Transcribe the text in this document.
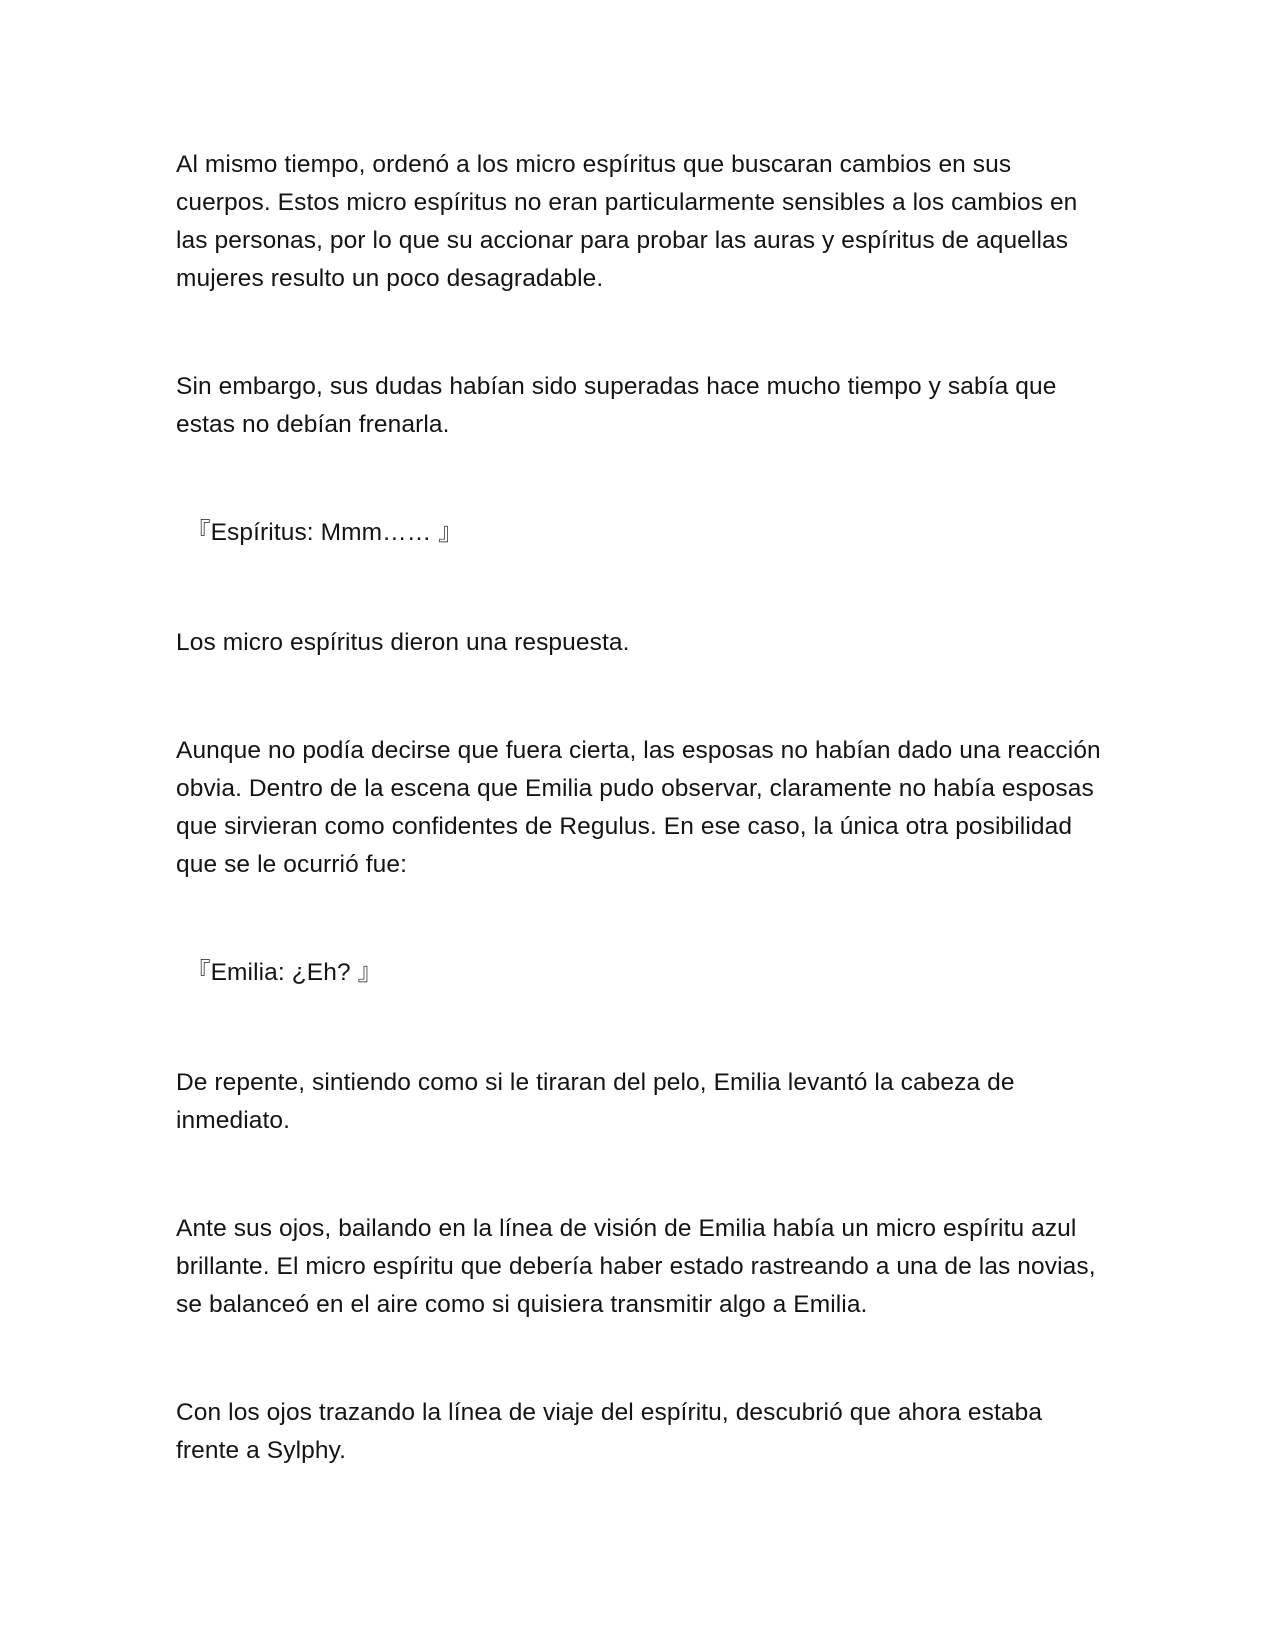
Al mismo tiempo, ordenó a los micro espíritus que buscaran cambios en sus cuerpos. Estos micro espíritus no eran particularmente sensibles a los cambios en las personas, por lo que su accionar para probar las auras y espíritus de aquellas mujeres resulto un poco desagradable.

Sin embargo, sus dudas habían sido superadas hace mucho tiempo y sabía que estas no debían frenarla.

『Espíritus: Mmm…… 』

Los micro espíritus dieron una respuesta.

Aunque no podía decirse que fuera cierta, las esposas no habían dado una reacción obvia. Dentro de la escena que Emilia pudo observar, claramente no había esposas que sirvieran como confidentes de Regulus. En ese caso, la única otra posibilidad que se le ocurrió fue:

『Emilia: ¿Eh? 』

De repente, sintiendo como si le tiraran del pelo, Emilia levantó la cabeza de inmediato.

Ante sus ojos, bailando en la línea de visión de Emilia había un micro espíritu azul brillante. El micro espíritu que debería haber estado rastreando a una de las novias, se balanceó en el aire como si quisiera transmitir algo a Emilia.

Con los ojos trazando la línea de viaje del espíritu, descubrió que ahora estaba frente a Sylphy.
